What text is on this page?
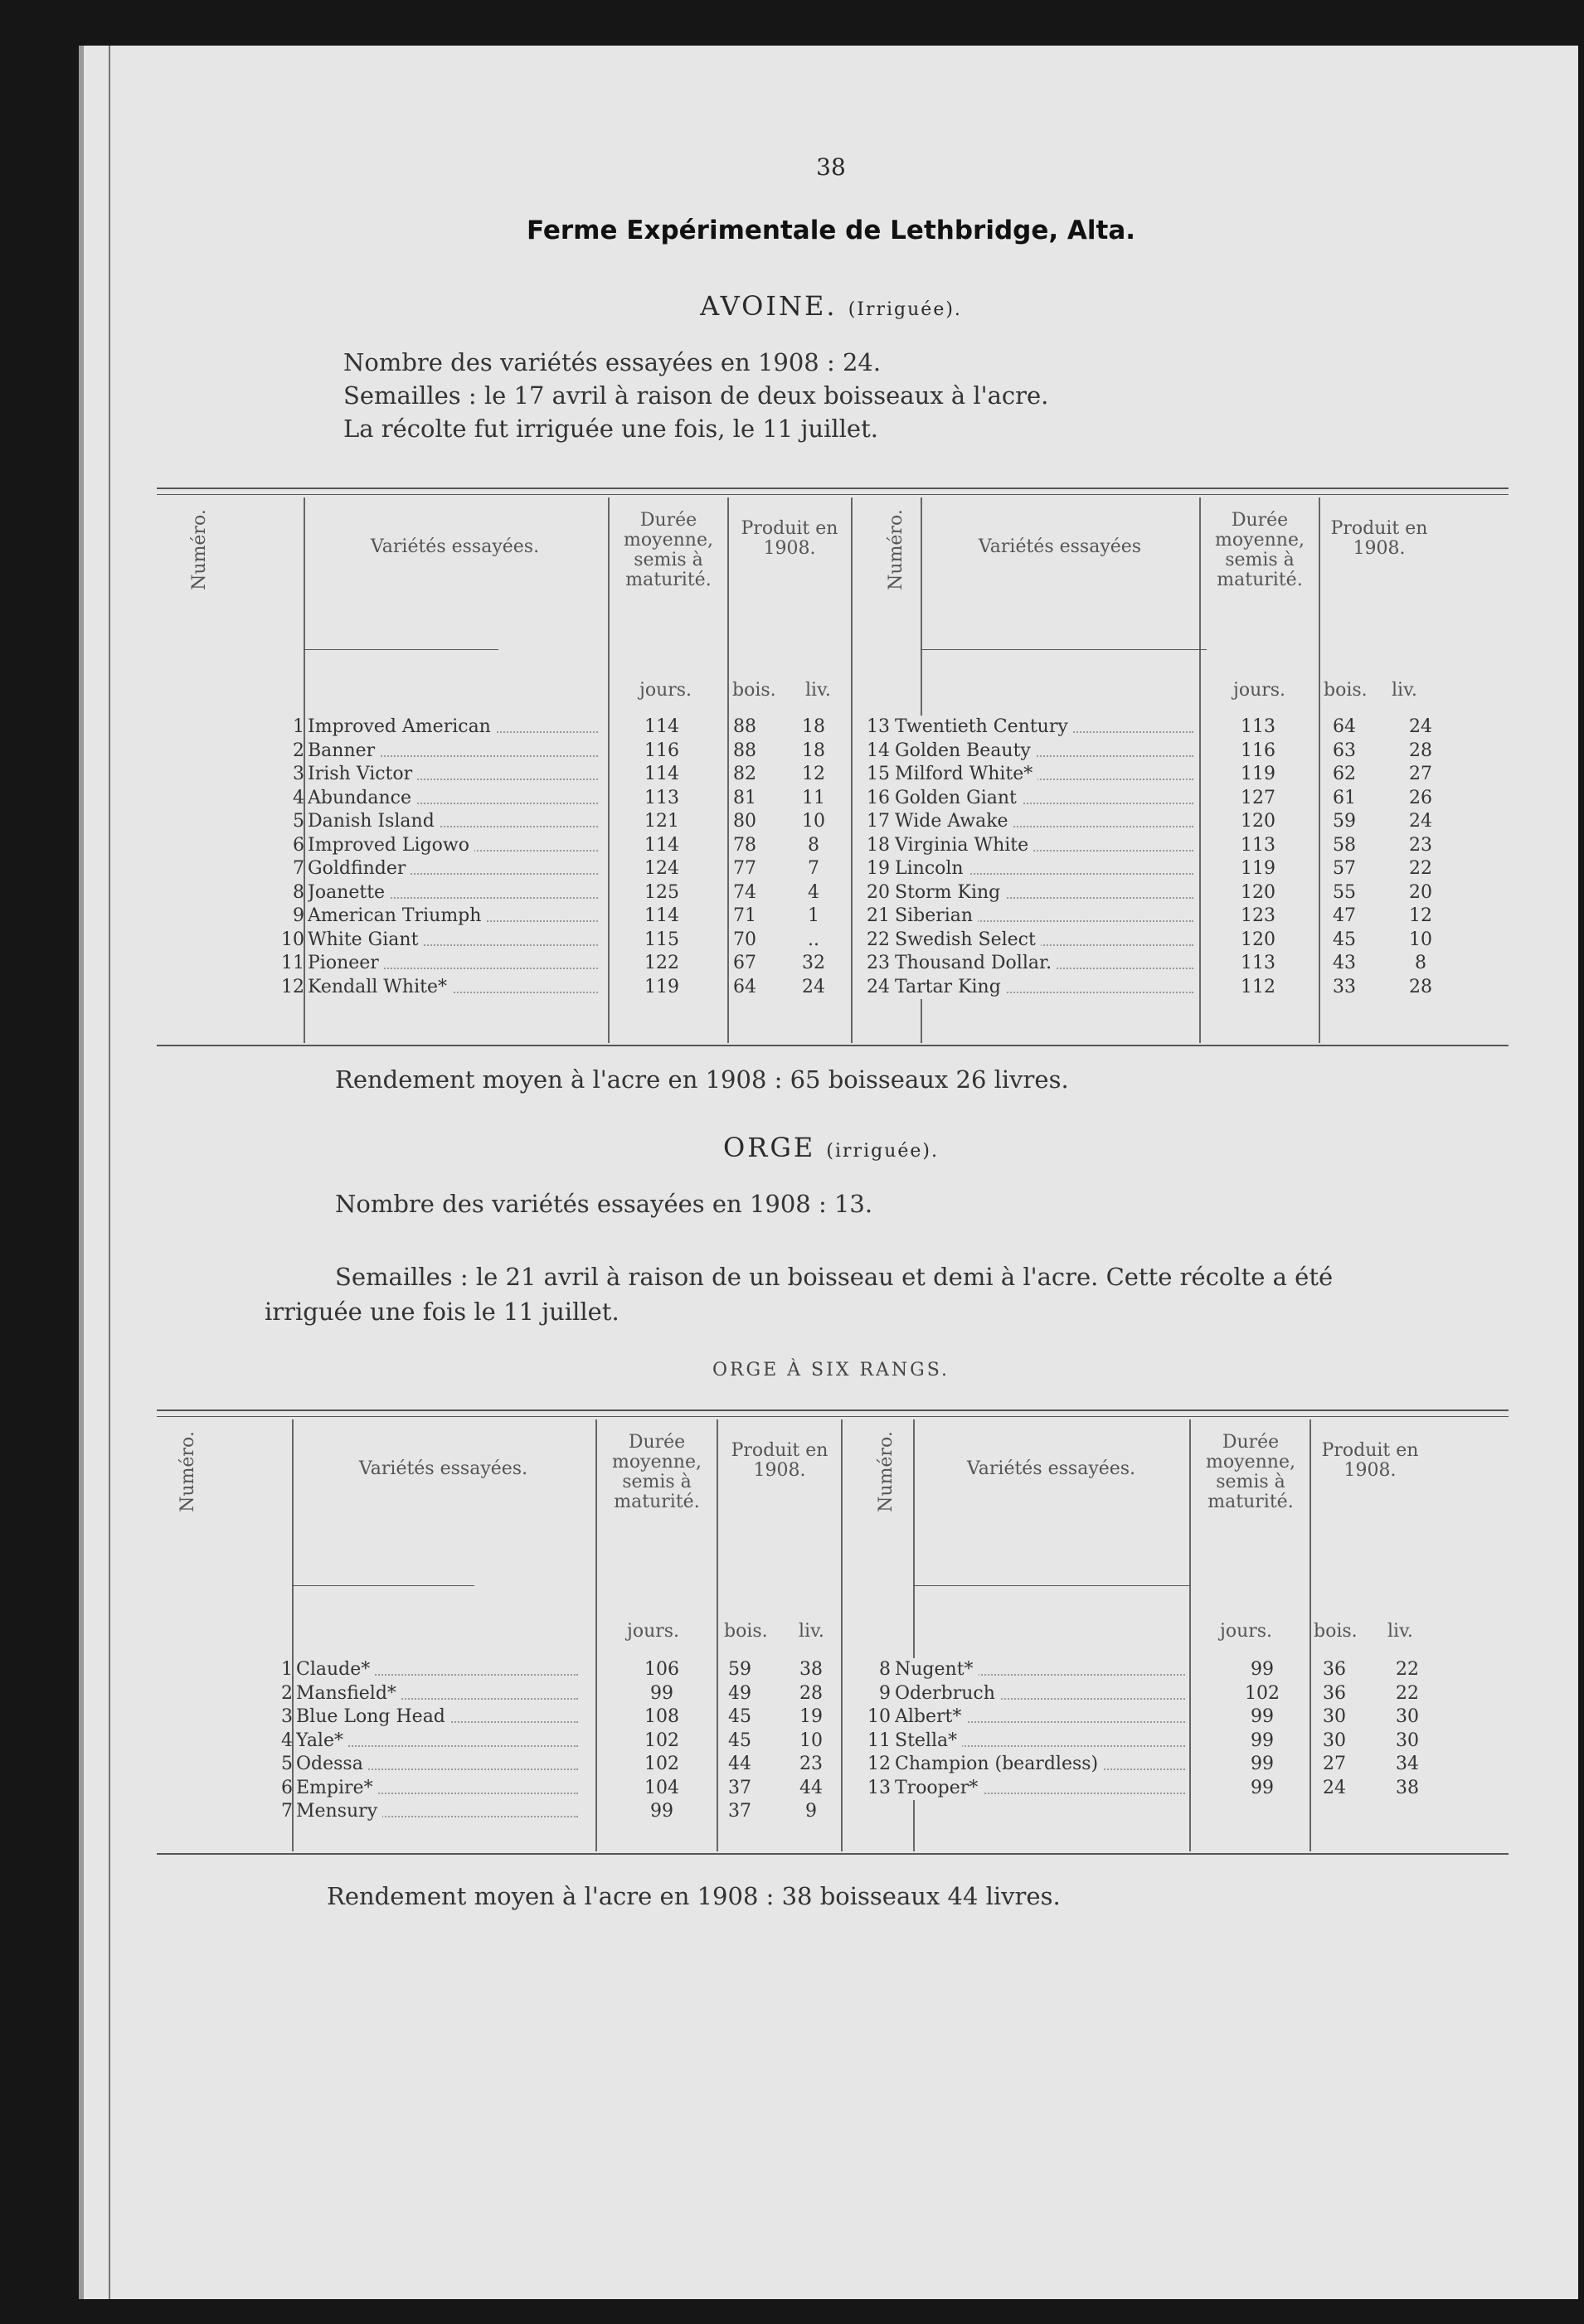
38
Ferme Expérimentale de Lethbridge, Alta.
AVOINE. (Irriguée).
Nombre des variétés essayées en 1908 : 24.
Semailles : le 17 avril à raison de deux boisseaux à l'acre.
La récolte fut irriguée une fois, le 11 juillet.
Numéro.	Numéro.
Variétés essayées.	Variétés essayées
Durée moyenne, semis à maturité.
Durée moyenne, semis à maturité.
Produit en 1908.
Produit en 1908.
jours.	jours.
bois.	bois.
liv.	liv.
1 Improved American	114	88	18
2 Banner	116	88	18
3 Irish Victor	114	82	12
4 Abundance	113	81	11
5 Danish Island	121	80	10
6 Improved Ligowo	114	78	8
7 Goldfinder	124	77	7
8 Joanette	125	74	4
9 American Triumph	114	71	1
10 White Giant	115	70	..
11 Pioneer	122	67	32
12 Kendall White*	119	64	24
13 Twentieth Century	113	64	24
14 Golden Beauty	116	63	28
15 Milford White*	119	62	27
16 Golden Giant	127	61	26
17 Wide Awake	120	59	24
18 Virginia White	113	58	23
19 Lincoln	119	57	22
20 Storm King	120	55	20
21 Siberian	123	47	12
22 Swedish Select	120	45	10
23 Thousand Dollar.	113	43	8
24 Tartar King	112	33	28
Rendement moyen à l'acre en 1908 : 65 boisseaux 26 livres.
ORGE (irriguée).
Nombre des variétés essayées en 1908 : 13.
Semailles : le 21 avril à raison de un boisseau et demi à l'acre. Cette récolte a été
irriguée une fois le 11 juillet.
ORGE À SIX RANGS.
Numéro.	Numéro.
Variétés essayées.	Variétés essayées.
Durée moyenne, semis à maturité.
Durée moyenne, semis à maturité.
Produit en 1908.
Produit en 1908.
jours.	jours.
bois.	bois.
liv.	liv.
1 Claude*	106	59	38
2 Mansfield*	99	49	28
3 Blue Long Head	108	45	19
4 Yale*	102	45	10
5 Odessa	102	44	23
6 Empire*	104	37	44
7 Mensury	99	37	9
8 Nugent*	99	36	22
9 Oderbruch	102	36	22
10 Albert*	99	30	30
11 Stella*	99	30	30
12 Champion (beardless)	99	27	34
13 Trooper*	99	24	38
Rendement moyen à l'acre en 1908 : 38 boisseaux 44 livres.
